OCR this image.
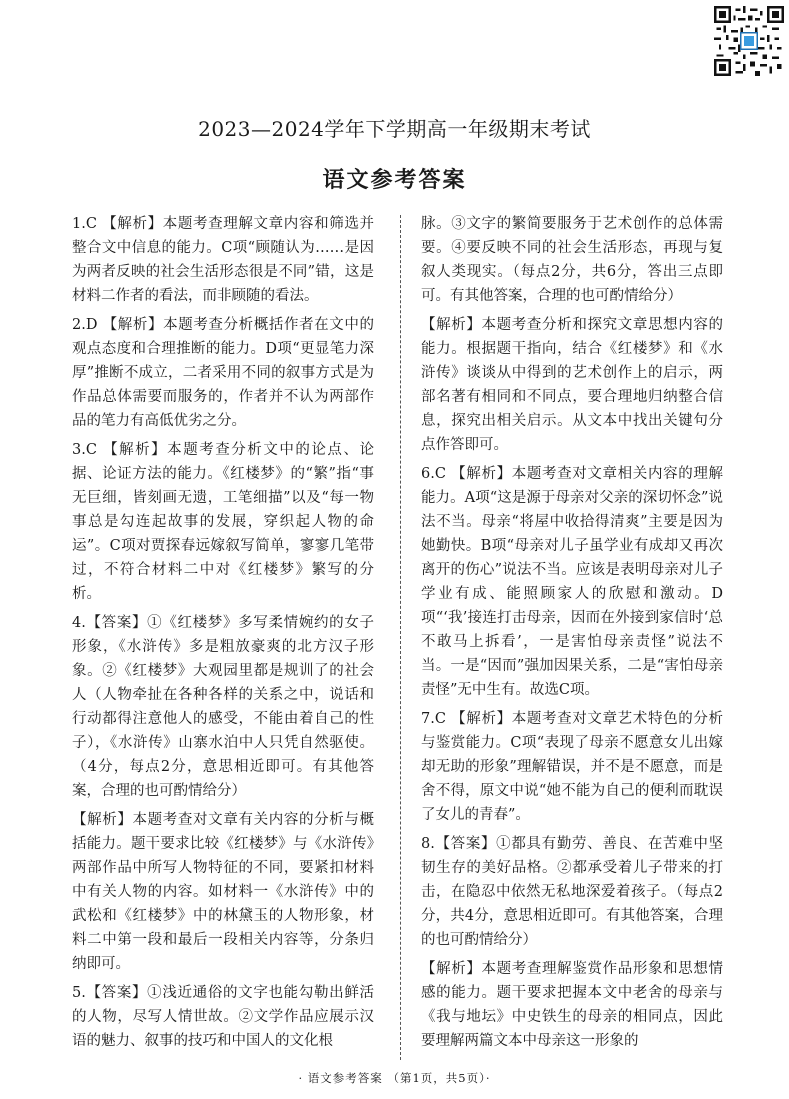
2023—2024学年下学期高一年级期末考试
语文参考答案

1.C 【解析】本题考查理解文章内容和筛选并整合文中信息的能力。C项“顾随认为……是因为两者反映的社会生活形态很是不同”错，这是材料二作者的看法，而非顾随的看法。

2.D 【解析】本题考查分析概括作者在文中的观点态度和合理推断的能力。D项“更显笔力深厚”推断不成立，二者采用不同的叙事方式是为作品总体需要而服务的，作者并不认为两部作品的笔力有高低优劣之分。

3.C 【解析】本题考查分析文中的论点、论据、论证方法的能力。《红楼梦》的“繁”指“事无巨细，皆刻画无遗，工笔细描”以及“每一物事总是勾连起故事的发展，穿织起人物的命运”。C项对贾探春远嫁叙写简单，寥寥几笔带过，不符合材料二中对《红楼梦》繁写的分析。

4.【答案】①《红楼梦》多写柔情婉约的女子形象，《水浒传》多是粗放豪爽的北方汉子形象。②《红楼梦》大观园里都是规训了的社会人（人物牵扯在各种各样的关系之中，说话和行动都得注意他人的感受，不能由着自己的性子），《水浒传》山寨水泊中人只凭自然驱使。（4分，每点2分，意思相近即可。有其他答案，合理的也可酌情给分）

【解析】本题考查对文章有关内容的分析与概括能力。题干要求比较《红楼梦》与《水浒传》两部作品中所写人物特征的不同，要紧扣材料中有关人物的内容。如材料一《水浒传》中的武松和《红楼梦》中的林黛玉的人物形象，材料二中第一段和最后一段相关内容等，分条归纳即可。

5.【答案】①浅近通俗的文字也能勾勒出鲜活的人物，尽写人情世故。②文学作品应展示汉语的魅力、叙事的技巧和中国人的文化根

脉。③文字的繁简要服务于艺术创作的总体需要。④要反映不同的社会生活形态，再现与复叙人类现实。（每点2分，共6分，答出三点即可。有其他答案，合理的也可酌情给分）

【解析】本题考查分析和探究文章思想内容的能力。根据题干指向，结合《红楼梦》和《水浒传》谈谈从中得到的艺术创作上的启示，两部名著有相同和不同点，要合理地归纳整合信息，探究出相关启示。从文本中找出关键句分点作答即可。

6.C 【解析】本题考查对文章相关内容的理解能力。A项“这是源于母亲对父亲的深切怀念”说法不当。母亲“将屋中收拾得清爽”主要是因为她勤快。B项“母亲对儿子虽学业有成却又再次离开的伤心”说法不当。应该是表明母亲对儿子学业有成、能照顾家人的欣慰和激动。D项“‘我’接连打击母亲，因而在外接到家信时‘总不敢马上拆看’，一是害怕母亲责怪”说法不当。一是“因而”强加因果关系，二是“害怕母亲责怪”无中生有。故选C项。

7.C 【解析】本题考查对文章艺术特色的分析与鉴赏能力。C项“表现了母亲不愿意女儿出嫁却无助的形象”理解错误，并不是不愿意，而是舍不得，原文中说“她不能为自己的便利而耽误了女儿的青春”。

8.【答案】①都具有勤劳、善良、在苦难中坚韧生存的美好品格。②都承受着儿子带来的打击，在隐忍中依然无私地深爱着孩子。（每点2分，共4分，意思相近即可。有其他答案，合理的也可酌情给分）

【解析】本题考查理解鉴赏作品形象和思想情感的能力。题干要求把握本文中老舍的母亲与《我与地坛》中史铁生的母亲的相同点，因此要理解两篇文本中母亲这一形象的

· 语文参考答案 （第1页，共5页）·
